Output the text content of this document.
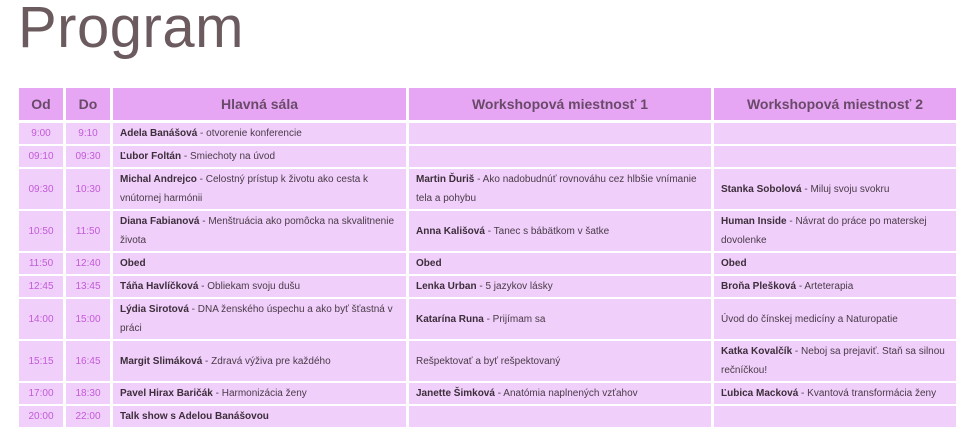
Program
Od	Do	Hlavná sála	Workshopová miestnosť 1	Workshopová miestnosť 2
9:00	9:10	Adela Banášová - otvorenie konferencie		
09:10	09:30	Ľubor Foltán - Smiechoty na úvod		
09:30	10:30	Michal Andrejco - Celostný prístup k životu ako cesta k vnútornej harmónii	Martin Ďuriš - Ako nadobudnúť rovnováhu cez hlbšie vnímanie tela a pohybu	Stanka Sobolová - Miluj svoju svokru
10:50	11:50	Diana Fabianová - Menštruácia ako pomôcka na skvalitnenie života	Anna Kališová - Tanec s bábätkom v šatke	Human Inside - Návrat do práce po materskej dovolenke
11:50	12:40	Obed	Obed	Obed
12:45	13:45	Táňa Havlíčková - Obliekam svoju dušu	Lenka Urban - 5 jazykov lásky	Broňa Plešková - Arteterapia
14:00	15:00	Lýdia Sirotová - DNA ženského úspechu a ako byť šťastná v práci	Katarína Runa - Prijímam sa	Úvod do čínskej medicíny a Naturopatie
15:15	16:45	Margit Slimáková - Zdravá výživa pre každého	Rešpektovať a byť rešpektovaný	Katka Kovalčík - Neboj sa prejaviť. Staň sa silnou rečníčkou!
17:00	18:30	Pavel Hirax Baričák - Harmonizácia ženy	Janette Šimková - Anatómia naplnených vzťahov	Ľubica Macková - Kvantová transformácia ženy
20:00	22:00	Talk show s Adelou Banášovou		
